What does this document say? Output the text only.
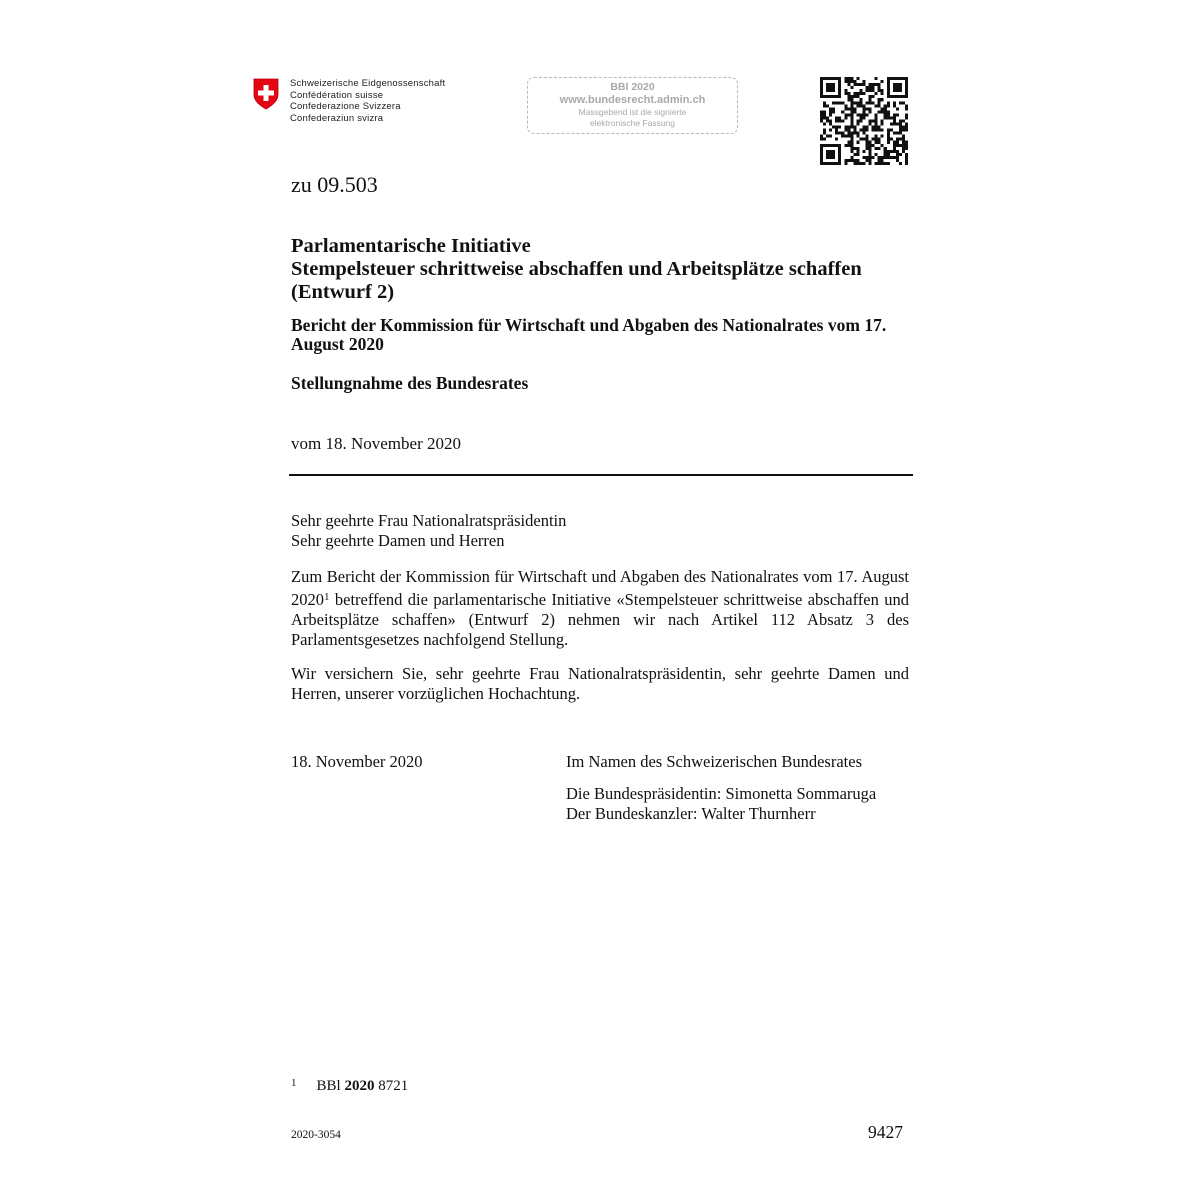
Schweizerische Eidgenossenschaft
Confédération suisse
Confederazione Svizzera
Confederaziun svizra
BBl 2020
www.bundesrecht.admin.ch
Massgebend ist die signierte
elektronische Fassung
zu 09.503
Parlamentarische Initiative
Stempelsteuer schrittweise abschaffen und Arbeitsplätze schaffen (Entwurf 2)
Bericht der Kommission für Wirtschaft und Abgaben des Nationalrates vom 17. August 2020
Stellungnahme des Bundesrates
vom 18. November 2020
Sehr geehrte Frau Nationalratspräsidentin
Sehr geehrte Damen und Herren
Zum Bericht der Kommission für Wirtschaft und Abgaben des Nationalrates vom 17. August 2020$^1$ betreffend die parlamentarische Initiative «Stempelsteuer schrittweise abschaffen und Arbeitsplätze schaffen» (Entwurf 2) nehmen wir nach Artikel 112 Absatz 3 des Parlamentsgesetzes nachfolgend Stellung.
Wir versichern Sie, sehr geehrte Frau Nationalratspräsidentin, sehr geehrte Damen und Herren, unserer vorzüglichen Hochachtung.
18. November 2020	Im Namen des Schweizerischen Bundesrates
Die Bundespräsidentin: Simonetta Sommaruga
Der Bundeskanzler: Walter Thurnherr
$^1$ BBl 2020 8721
2020-3054	9427
